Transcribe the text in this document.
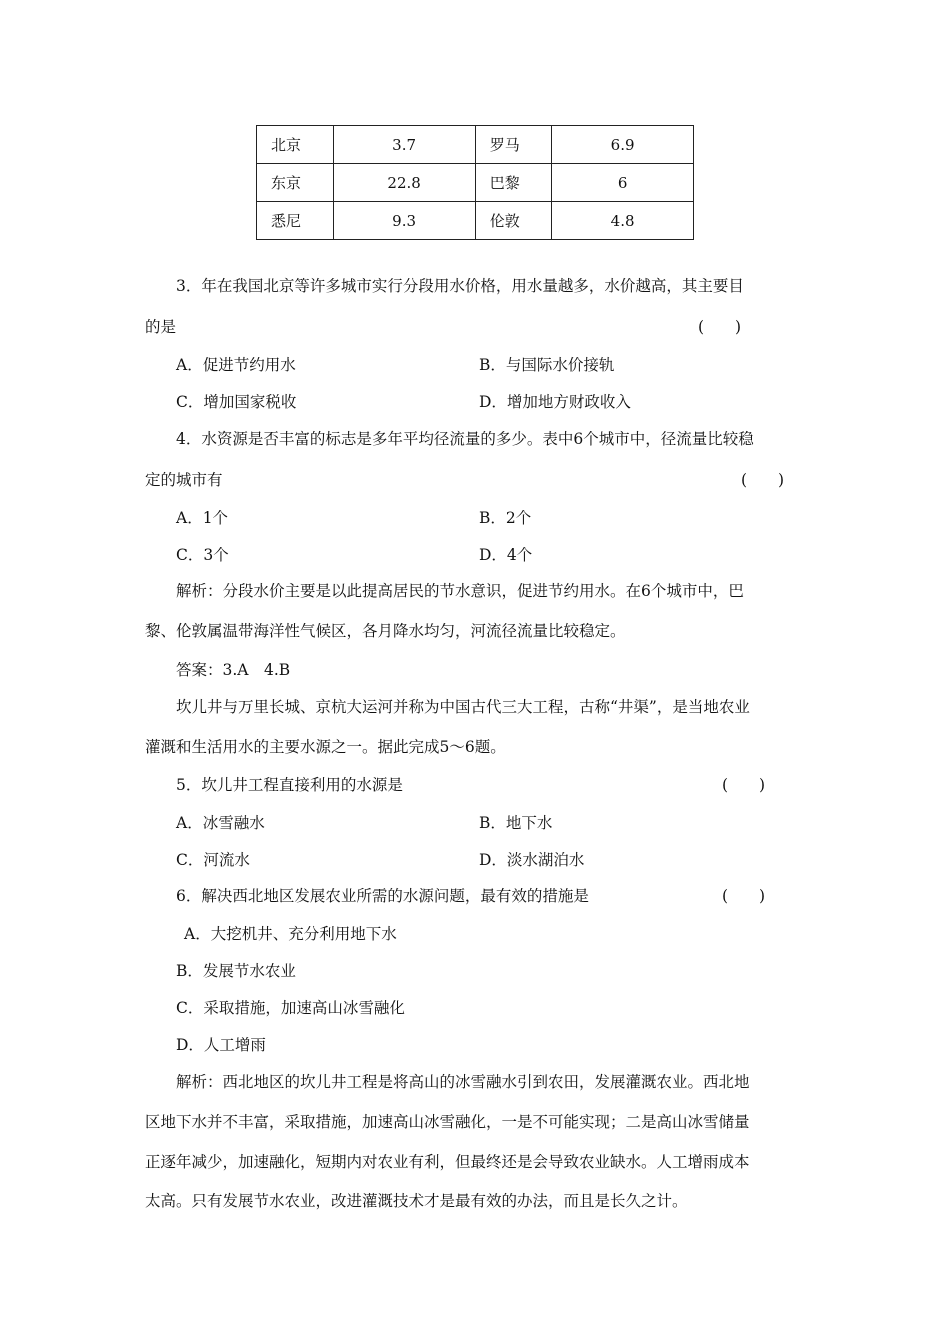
北京	3.7	罗马	6.9
东京	22.8	巴黎	6
悉尼	9.3	伦敦	4.8
3．年在我国北京等许多城市实行分段用水价格，用水量越多，水价越高，其主要目
的是	(　　)
A．促进节约用水	B．与国际水价接轨
C．增加国家税收	D．增加地方财政收入
4．水资源是否丰富的标志是多年平均径流量的多少。表中6个城市中，径流量比较稳
定的城市有	(　　)
A．1个	B．2个
C．3个	D．4个
解析：分段水价主要是以此提高居民的节水意识，促进节约用水。在6个城市中，巴
黎、伦敦属温带海洋性气候区，各月降水均匀，河流径流量比较稳定。
答案：3.A　4.B
坎儿井与万里长城、京杭大运河并称为中国古代三大工程，古称“井渠”，是当地农业
灌溉和生活用水的主要水源之一。据此完成5～6题。
5．坎儿井工程直接利用的水源是	(　　)
A．冰雪融水	B．地下水
C．河流水	D．淡水湖泊水
6．解决西北地区发展农业所需的水源问题，最有效的措施是	(　　)
A．大挖机井、充分利用地下水
B．发展节水农业
C．采取措施，加速高山冰雪融化
D．人工增雨
解析：西北地区的坎儿井工程是将高山的冰雪融水引到农田，发展灌溉农业。西北地
区地下水并不丰富，采取措施，加速高山冰雪融化，一是不可能实现；二是高山冰雪储量
正逐年减少，加速融化，短期内对农业有利，但最终还是会导致农业缺水。人工增雨成本
太高。只有发展节水农业，改进灌溉技术才是最有效的办法，而且是长久之计。
